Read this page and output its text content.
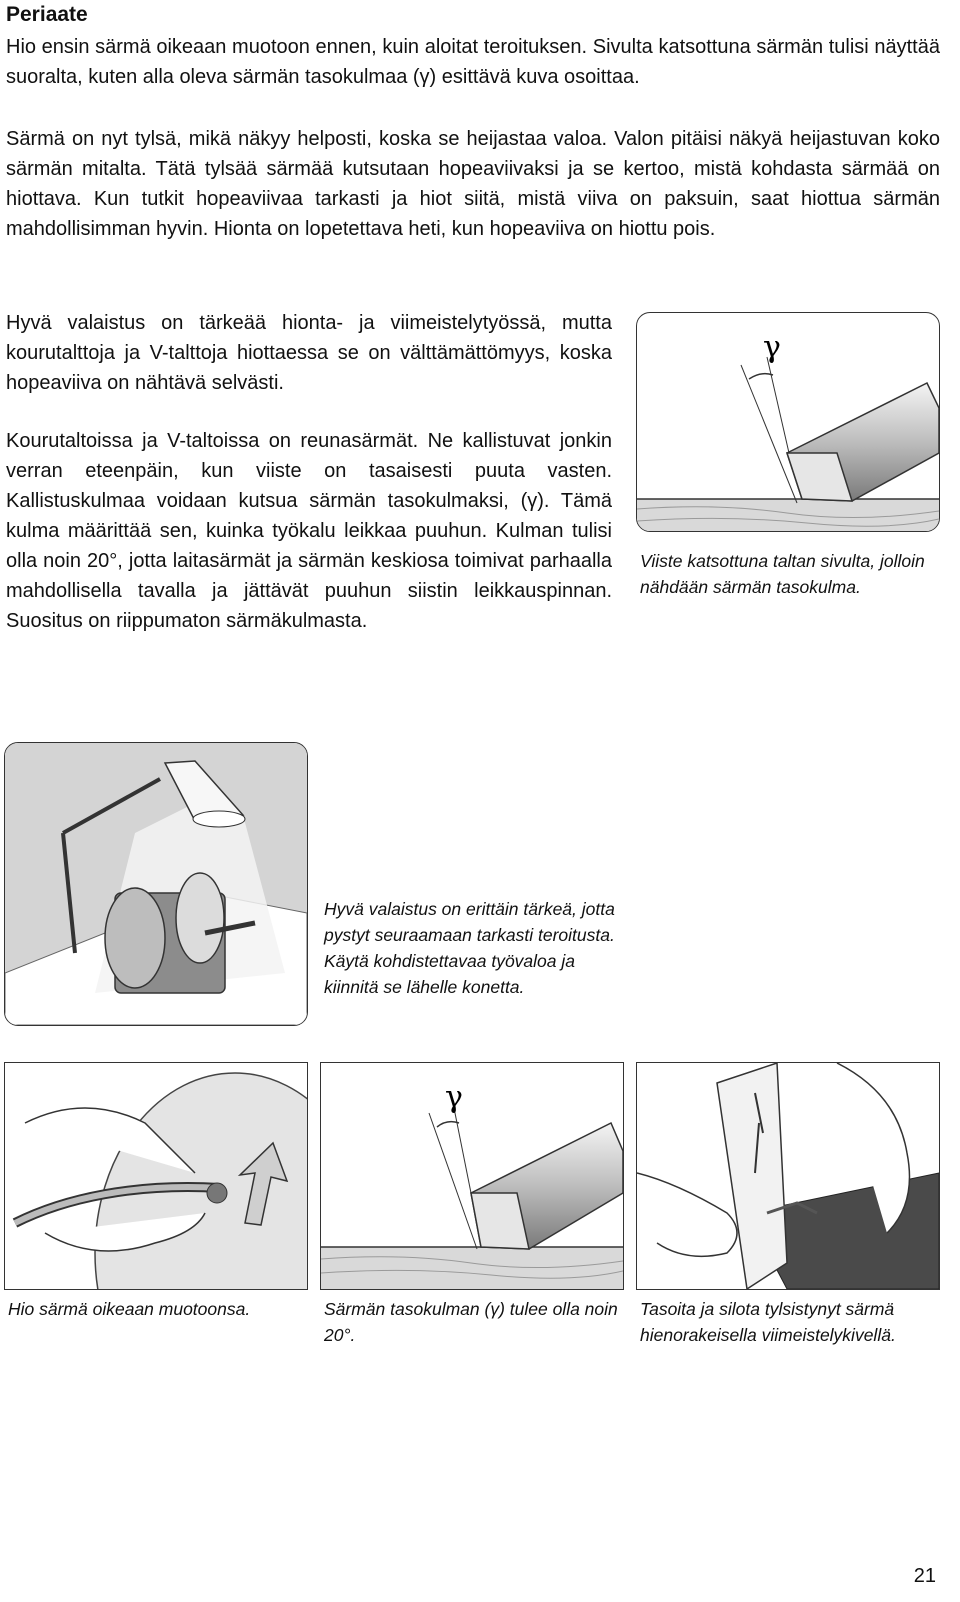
Periaate
Hio ensin särmä oikeaan muotoon ennen, kuin aloitat teroituksen. Sivulta katsottuna särmän tulisi näyttää suoralta, kuten alla oleva särmän tasokulmaa (γ) esittävä kuva osoittaa.
Särmä on nyt tylsä, mikä näkyy helposti, koska se heijastaa valoa. Valon pitäisi näkyä heijastuvan koko särmän mitalta. Tätä tylsää särmää kutsutaan hopeaviivaksi ja se kertoo, mistä kohdasta särmää on hiottava. Kun tutkit hopeaviivaa tarkasti ja hiot siitä, mistä viiva on paksuin, saat hiottua särmän mahdollisimman hyvin. Hionta on lopetettava heti, kun hopeaviiva on hiottu pois.
Hyvä valaistus on tärkeää hionta- ja viimeistelytyössä, mutta kourutalttoja ja V-talttoja hiottaessa se on välttämättömyys, koska hopeaviiva on nähtävä selvästi.
Kourutaltoissa ja V-taltoissa on reunasärmät. Ne kallistuvat jonkin verran eteenpäin, kun viiste on tasaisesti puuta vasten. Kallistuskulmaa voidaan kutsua särmän tasokulmaksi, (γ). Tämä kulma määrittää sen, kuinka työkalu leikkaa puuhun. Kulman tulisi olla noin 20°, jotta laitasärmät ja särmän keskiosa toimivat parhaalla mahdollisella tavalla ja jättävät puuhun siistin leikkauspinnan. Suositus on riippumaton särmäkulmasta.
γ
Viiste katsottuna taltan sivulta, jolloin nähdään särmän tasokulma.
Hyvä valaistus on erittäin tärkeä, jotta pystyt seuraamaan tarkasti teroitusta. Käytä kohdistettavaa työvaloa ja kiinnitä se lähelle konetta.
Hio särmä oikeaan muotoonsa.
γ
Särmän tasokulman (γ) tulee olla noin 20°.
Tasoita ja silota tylsistynyt särmä hienorakeisella viimeistelykivellä.
21
